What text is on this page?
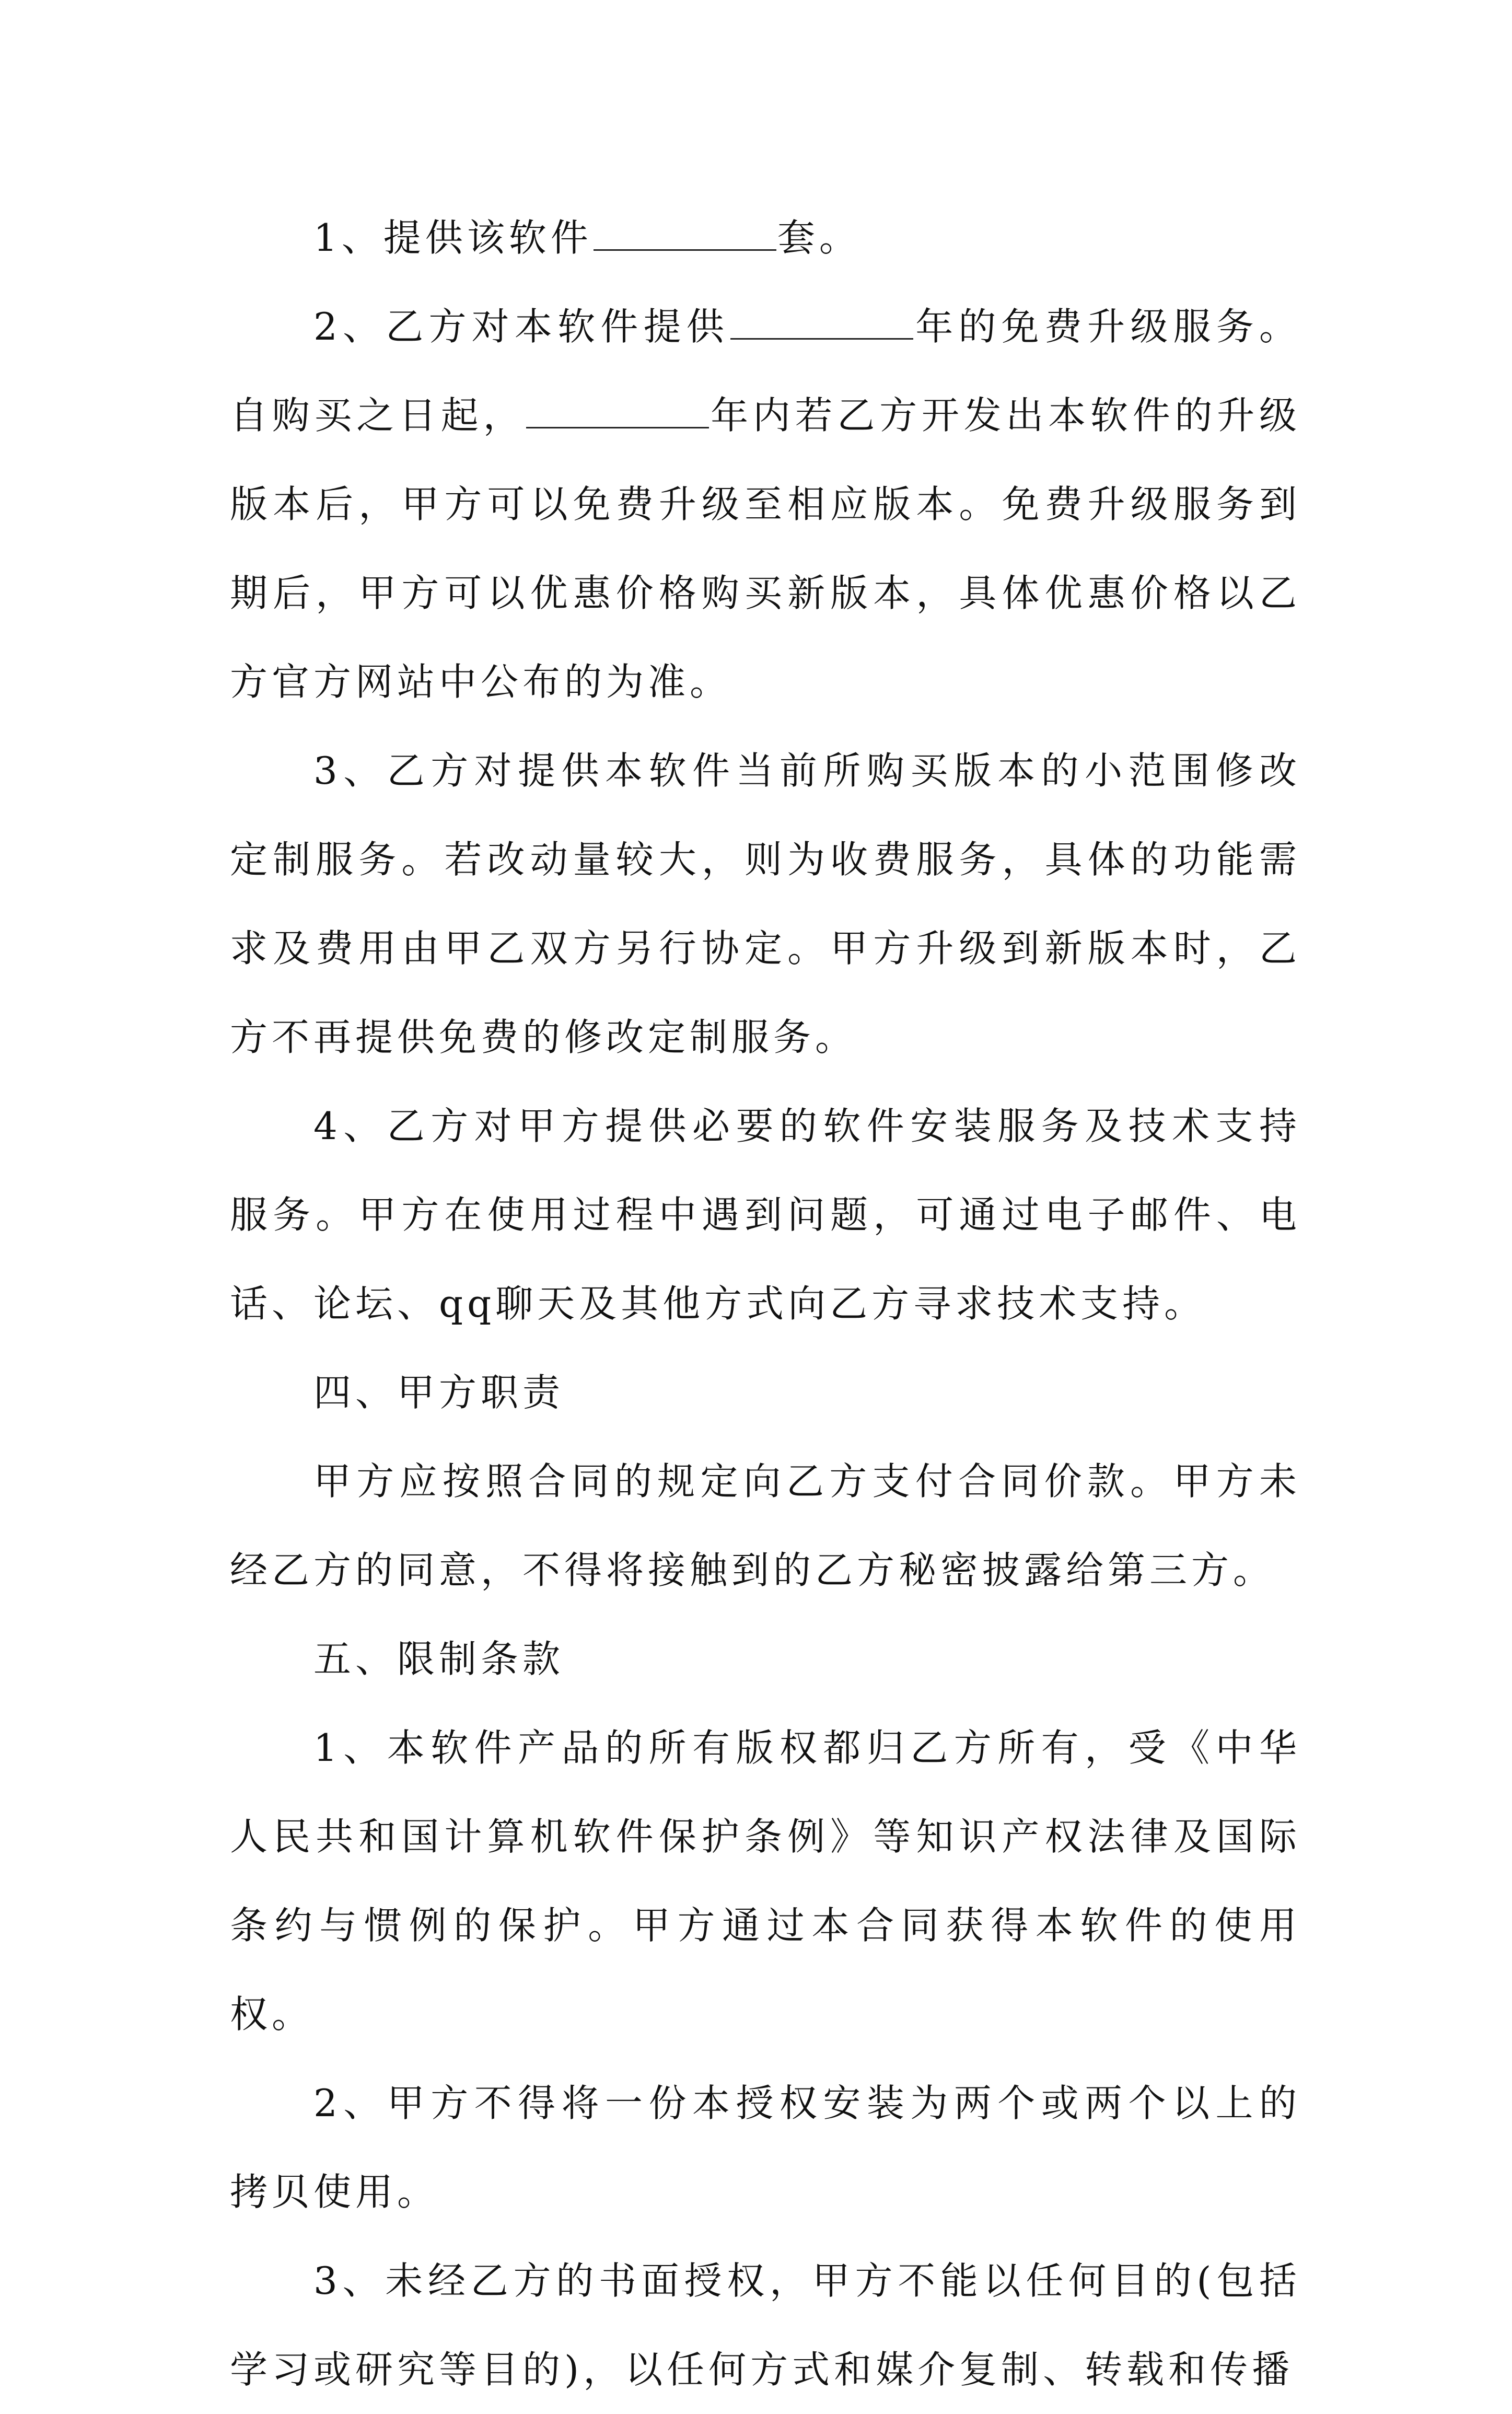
1、提供该软件	套。

2、乙方对本软件提供	年的免费升级服务。自购买之日起，	年内若乙方开发出本软件的升级版本后，甲方可以免费升级至相应版本。免费升级服务到期后，甲方可以优惠价格购买新版本，具体优惠价格以乙方官方网站中公布的为准。

3、乙方对提供本软件当前所购买版本的小范围修改定制服务。若改动量较大，则为收费服务，具体的功能需求及费用由甲乙双方另行协定。甲方升级到新版本时，乙方不再提供免费的修改定制服务。

4、乙方对甲方提供必要的软件安装服务及技术支持服务。甲方在使用过程中遇到问题，可通过电子邮件、电话、论坛、qq聊天及其他方式向乙方寻求技术支持。

四、甲方职责

甲方应按照合同的规定向乙方支付合同价款。甲方未经乙方的同意，不得将接触到的乙方秘密披露给第三方。

五、限制条款

1、本软件产品的所有版权都归乙方所有，受《中华人民共和国计算机软件保护条例》等知识产权法律及国际条约与惯例的保护。甲方通过本合同获得本软件的使用权。

2、甲方不得将一份本授权安装为两个或两个以上的拷贝使用。

3、未经乙方的书面授权，甲方不能以任何目的(包括学习或研究等目的)，以任何方式和媒介复制、转载和传播
